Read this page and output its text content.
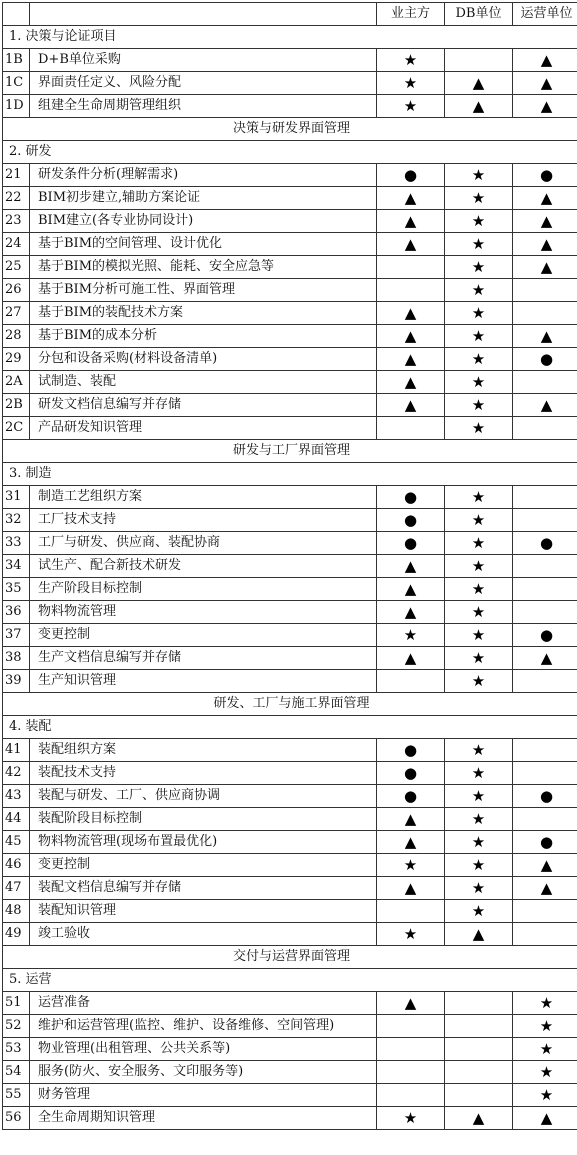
		业主方	DB单位	运营单位
1. 决策与论证项目				
1B	D+B单位采购	★		▲
1C	界面责任定义、风险分配	★	▲	▲
1D	组建全生命周期管理组织	★	▲	▲
决策与研发界面管理				
2. 研发				
21	研发条件分析(理解需求)	●	★	●
22	BIM初步建立,辅助方案论证	▲	★	▲
23	BIM建立(各专业协同设计)	▲	★	▲
24	基于BIM的空间管理、设计优化	▲	★	▲
25	基于BIM的模拟光照、能耗、安全应急等		★	▲
26	基于BIM分析可施工性、界面管理		★	
27	基于BIM的装配技术方案	▲	★	
28	基于BIM的成本分析	▲	★	▲
29	分包和设备采购(材料设备清单)	▲	★	●
2A	试制造、装配	▲	★	
2B	研发文档信息编写并存储	▲	★	▲
2C	产品研发知识管理		★	
研发与工厂界面管理				
3. 制造				
31	制造工艺组织方案	●	★	
32	工厂技术支持	●	★	
33	工厂与研发、供应商、装配协商	●	★	●
34	试生产、配合新技术研发	▲	★	
35	生产阶段目标控制	▲	★	
36	物料物流管理	▲	★	
37	变更控制	★	★	●
38	生产文档信息编写并存储	▲	★	▲
39	生产知识管理		★	
研发、工厂与施工界面管理				
4. 装配				
41	装配组织方案	●	★	
42	装配技术支持	●	★	
43	装配与研发、工厂、供应商协调	●	★	●
44	装配阶段目标控制	▲	★	
45	物料物流管理(现场布置最优化)	▲	★	●
46	变更控制	★	★	▲
47	装配文档信息编写并存储	▲	★	▲
48	装配知识管理		★	
49	竣工验收	★	▲	
交付与运营界面管理				
5. 运营				
51	运营准备	▲		★
52	维护和运营管理(监控、维护、设备维修、空间管理)			★
53	物业管理(出租管理、公共关系等)			★
54	服务(防火、安全服务、文印服务等)			★
55	财务管理			★
56	全生命周期知识管理	★	▲	▲
